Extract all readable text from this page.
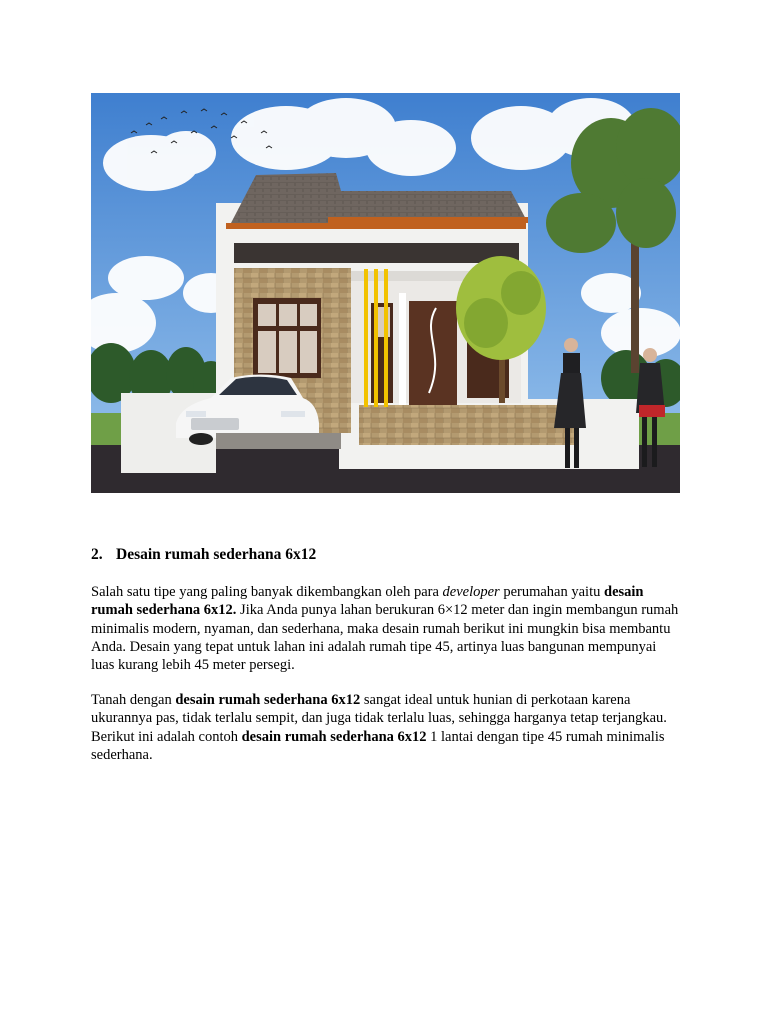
2. Desain rumah sederhana 6x12

Salah satu tipe yang paling banyak dikembangkan oleh para developer perumahan yaitu desain rumah sederhana 6x12. Jika Anda punya lahan berukuran 6×12 meter dan ingin membangun rumah minimalis modern, nyaman, dan sederhana, maka desain rumah berikut ini mungkin bisa membantu Anda. Desain yang tepat untuk lahan ini adalah rumah tipe 45, artinya luas bangunan mempunyai luas kurang lebih 45 meter persegi.

Tanah dengan desain rumah sederhana 6x12 sangat ideal untuk hunian di perkotaan karena ukurannya pas, tidak terlalu sempit, dan juga tidak terlalu luas, sehingga harganya tetap terjangkau. Berikut ini adalah contoh desain rumah sederhana 6x12 1 lantai dengan tipe 45 rumah minimalis sederhana.
